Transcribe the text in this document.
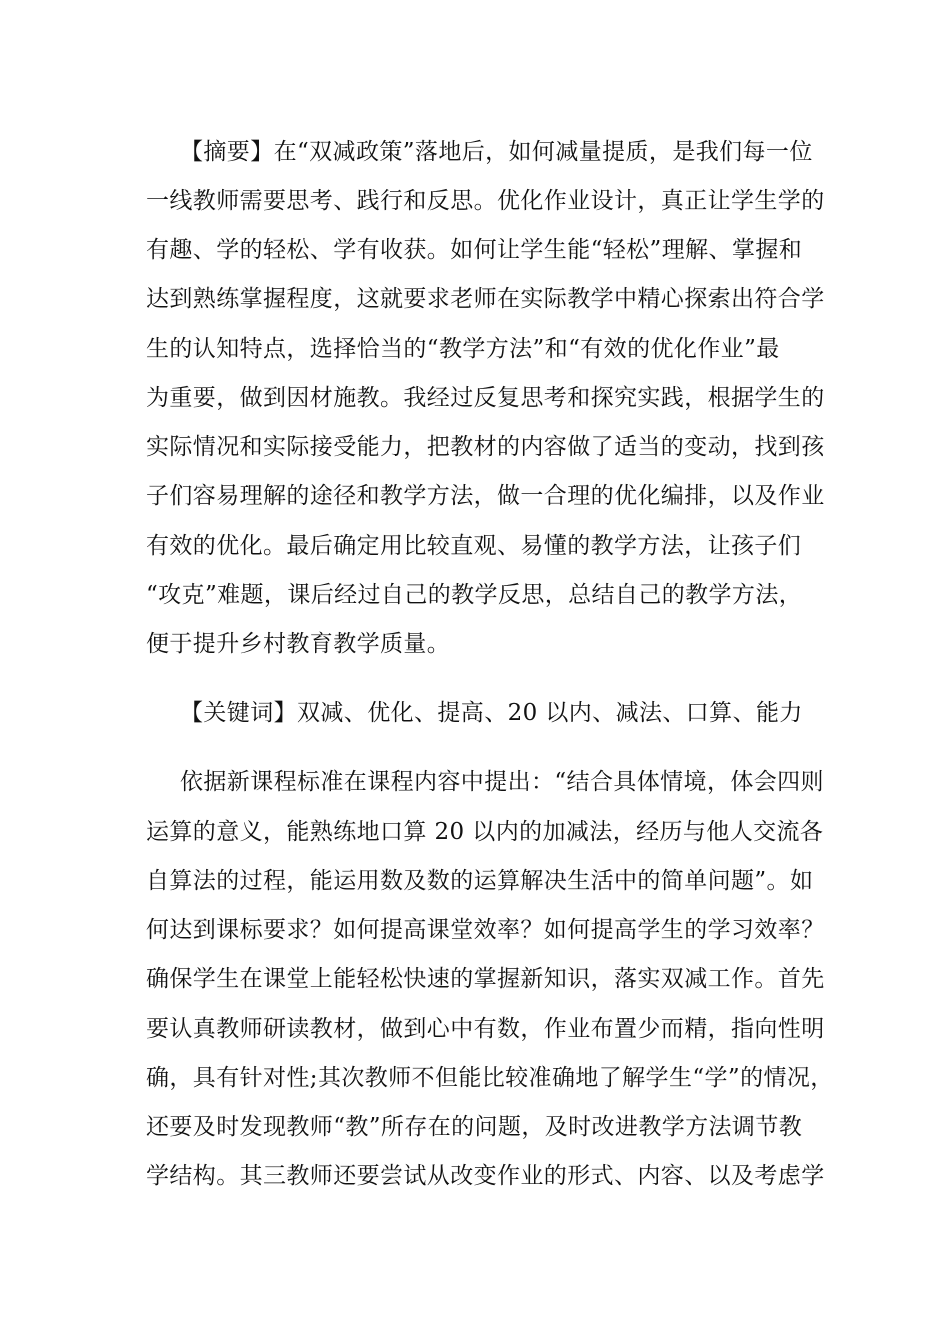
【摘要】在“双减政策”落地后，如何减量提质，是我们每一位
一线教师需要思考、践行和反思。优化作业设计，真正让学生学的
有趣、学的轻松、学有收获。如何让学生能“轻松”理解、掌握和
达到熟练掌握程度，这就要求老师在实际教学中精心探索出符合学
生的认知特点，选择恰当的“教学方法”和“有效的优化作业”最
为重要，做到因材施教。我经过反复思考和探究实践，根据学生的
实际情况和实际接受能力，把教材的内容做了适当的变动，找到孩
子们容易理解的途径和教学方法，做一合理的优化编排，以及作业
有效的优化。最后确定用比较直观、易懂的教学方法，让孩子们
“攻克”难题，课后经过自己的教学反思，总结自己的教学方法，
便于提升乡村教育教学质量。
【关键词】双减、优化、提高、20 以内、减法、口算、能力
依据新课程标准在课程内容中提出：“结合具体情境，体会四则
运算的意义，能熟练地口算 20 以内的加减法，经历与他人交流各
自算法的过程，能运用数及数的运算解决生活中的简单问题”。如
何达到课标要求？如何提高课堂效率？如何提高学生的学习效率？
确保学生在课堂上能轻松快速的掌握新知识，落实双减工作。首先
要认真教师研读教材，做到心中有数，作业布置少而精，指向性明
确，具有针对性;其次教师不但能比较准确地了解学生“学”的情况，
还要及时发现教师“教”所存在的问题，及时改进教学方法调节教
学结构。其三教师还要尝试从改变作业的形式、内容、以及考虑学
